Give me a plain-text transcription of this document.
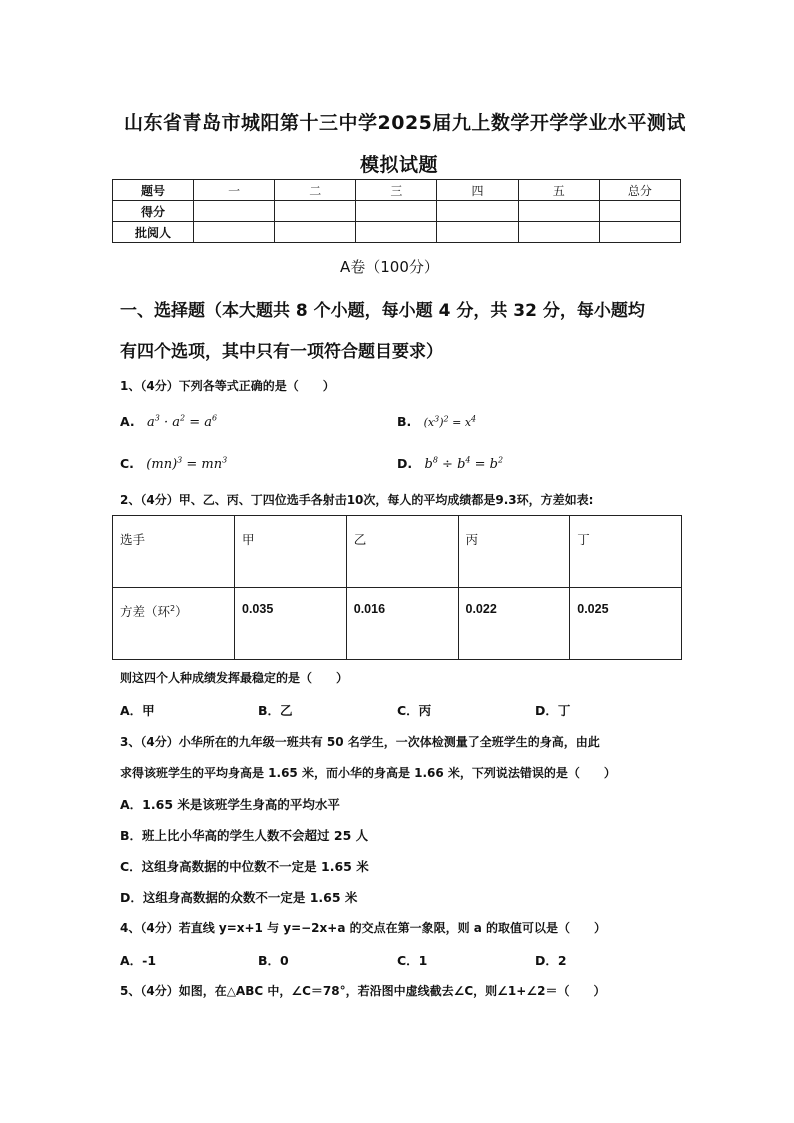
山东省青岛市城阳第十三中学2025届九上数学开学学业水平测试
模拟试题
题号	一	二	三	四	五	总分
得分						
批阅人						
A卷（100分）
一、选择题（本大题共 8 个小题，每小题 4 分，共 32 分，每小题均
有四个选项，其中只有一项符合题目要求）
1、（4分）下列各等式正确的是（　　）
A. $a^3 \cdot a^2 = a^6$	B. $(x^3)^2 = x^4$
C. $(mn)^3 = mn^3$	D. $b^8 \div b^4 = b^2$
2、（4分）甲、乙、丙、丁四位选手各射击10次，每人的平均成绩都是9.3环，方差如表:
选手	甲	乙	丙	丁
方差（环$^2$）	0.035	0.016	0.022	0.025
则这四个人种成绩发挥最稳定的是（　　）
A．甲	B．乙	C．丙	D．丁
3、（4分）小华所在的九年级一班共有 50 名学生，一次体检测量了全班学生的身高，由此
求得该班学生的平均身高是 1.65 米，而小华的身高是 1.66 米，下列说法错误的是（　　）
A．1.65 米是该班学生身高的平均水平
B．班上比小华高的学生人数不会超过 25 人
C．这组身高数据的中位数不一定是 1.65 米
D．这组身高数据的众数不一定是 1.65 米
4、（4分）若直线 y=x+1 与 y=−2x+a 的交点在第一象限，则 a 的取值可以是（　　）
A．-1	B．0	C．1	D．2
5、（4分）如图，在△ABC 中，∠C＝78°，若沿图中虚线截去∠C，则∠1+∠2＝（　　）
